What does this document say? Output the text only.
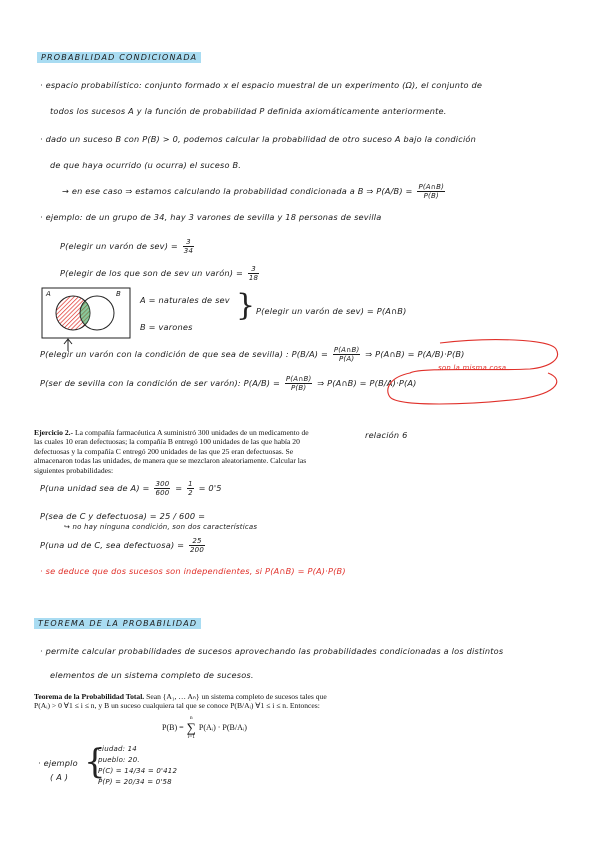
PROBABILIDAD CONDICIONADA
· espacio probabilístico: conjunto formado x el espacio muestral de un experimento (Ω), el conjunto de
todos los sucesos A y la función de probabilidad P definida axiomáticamente anteriormente.
· dado un suceso B con P(B) > 0, podemos calcular la probabilidad de otro suceso A bajo la condición
de que haya ocurrido (u ocurra) el suceso B.
→ en ese caso ⇒ estamos calculando la probabilidad condicionada a B ⇒ $P(A/B) = \frac{P(A\cap B)}{P(B)}$
· ejemplo: de un grupo de 34, hay 3 varones de sevilla y 18 personas de sevilla
P(elegir un varón de $sev) = \frac{3}{34}$
P(elegir de los que son de sev un varón) = $\frac{3}{18}$
A	B
A = naturales de sev
B = varones
} P(elegir un varón de sev) = P(A∩B)
P(elegir un varón con la condición de que sea de sevilla) : $P(B/A) = \frac{P(A\cap B)}{P(A)}$ ⇒ P(A∩B) = P(A/B)·P(B)
P(ser de sevilla con la condición de ser varón): $P(A/B) = \frac{P(A\cap B)}{P(B)}$ ⇒ P(A∩B) = P(B/A)·P(A)
son la misma cosa
Ejercicio 2.- La compañía farmacéutica A suministró 300 unidades de un medicamento de
las cuales 10 eran defectuosas; la compañía B entregó 100 unidades de las que había 20
defectuosas y la compañía C entregó 200 unidades de las que 25 eran defectuosas. Se
almacenaron todas las unidades, de manera que se mezclaron aleatoriamente. Calcular las
siguientes probabilidades:
relación 6
P(una unidad sea de $A) = \frac{300}{600} = \frac{1}{2} = 0'5$
P(sea de C y defectuosa) = 25 / 600 =
↪ no hay ninguna condición, son dos características
P(una ud de C, sea defectuosa) = $\frac{25}{200}$
· se deduce que dos sucesos son independientes, si P(A∩B) = P(A)·P(B)
TEOREMA DE LA PROBABILIDAD
· permite calcular probabilidades de sucesos aprovechando las probabilidades condicionadas a los distintos
elementos de un sistema completo de sucesos.
Teorema de la Probabilidad Total. Sean {A₁, … Aₙ} un sistema completo de sucesos tales que
P(Aᵢ) > 0 ∀1 ≤ i ≤ n, y B un suceso cualquiera tal que se conoce P(B/Aᵢ) ∀1 ≤ i ≤ n. Entonces:
P(B) =
n
∑
i=1
P(Aᵢ) · P(B/Aᵢ)
· ejemplo
( A ) {
ciudad: 14
pueblo: 20.
P(C) = 14/34 = 0'412
P(P) = 20/34 = 0'58
